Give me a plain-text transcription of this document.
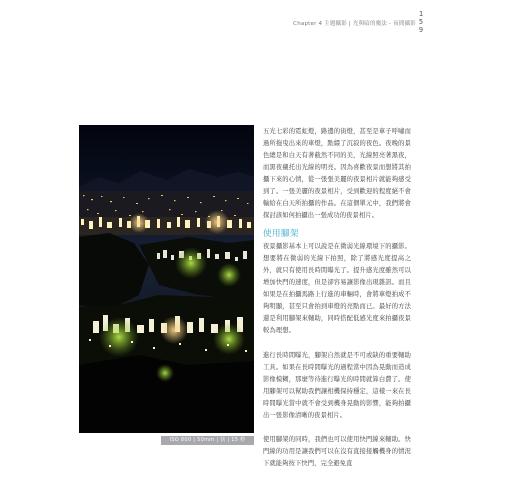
Chapter 4 主題攝影 | 光與暗的魔法 - 夜間攝影
1
5
9
ISO 800 | 50mm | 快 | 15 秒

五光七彩的霓虹燈，路邊的街燈，甚至是車子呼嘯而過所拖曳出來的車燈，點綴了沉寂的夜色。夜晚的景色總是和白天有著截然不同的美，光線照亮著黑夜，而黑夜襯托出光線的明亮。因為喜歡夜景而想將其拍攝下來的心情，從一張張美麗的夜景相片就能夠感受到了。一張美麗的夜景相片，受到歡迎的程度絕不會輸給在白天所拍攝的作品。在這個單元中，我們將會探討該如何拍攝出一張成功的夜景相片。

使用腳架

夜景攝影基本上可以說是在微弱光線環境下的攝影。想要將在微弱的光線下拍照，除了將感光度提高之外，就只有使用長時間曝光了。提升感光度雖然可以增加快門的速度，但是卻容易讓影像出現雜訊。而且如果是在拍攝馬路上行進的車輛時，會將車燈拍成不夠明顯，甚至只會拍到車燈的亮點而已。最好的方法還是利用腳架來輔助，同時搭配低感光度來拍攝夜景較為理想。

進行長時間曝光，腳架自然就是不可或缺的重要輔助工具。如果在長時間曝光的過程當中因為晃動而造成影像模糊，那麼等待進行曝光的時間就算白費了。使用腳架可以幫助我們讓相機保持穩定，這樣一來在長時間曝光當中就不會受到機身晃動的影響，能夠拍攝出一張影像清晰的夜景相片。

使用腳架的同時，我們也可以使用快門線來輔助。快門線的功用是讓我們可以在沒有直接接觸機身的情況下就能夠按下快門，完全避免直
